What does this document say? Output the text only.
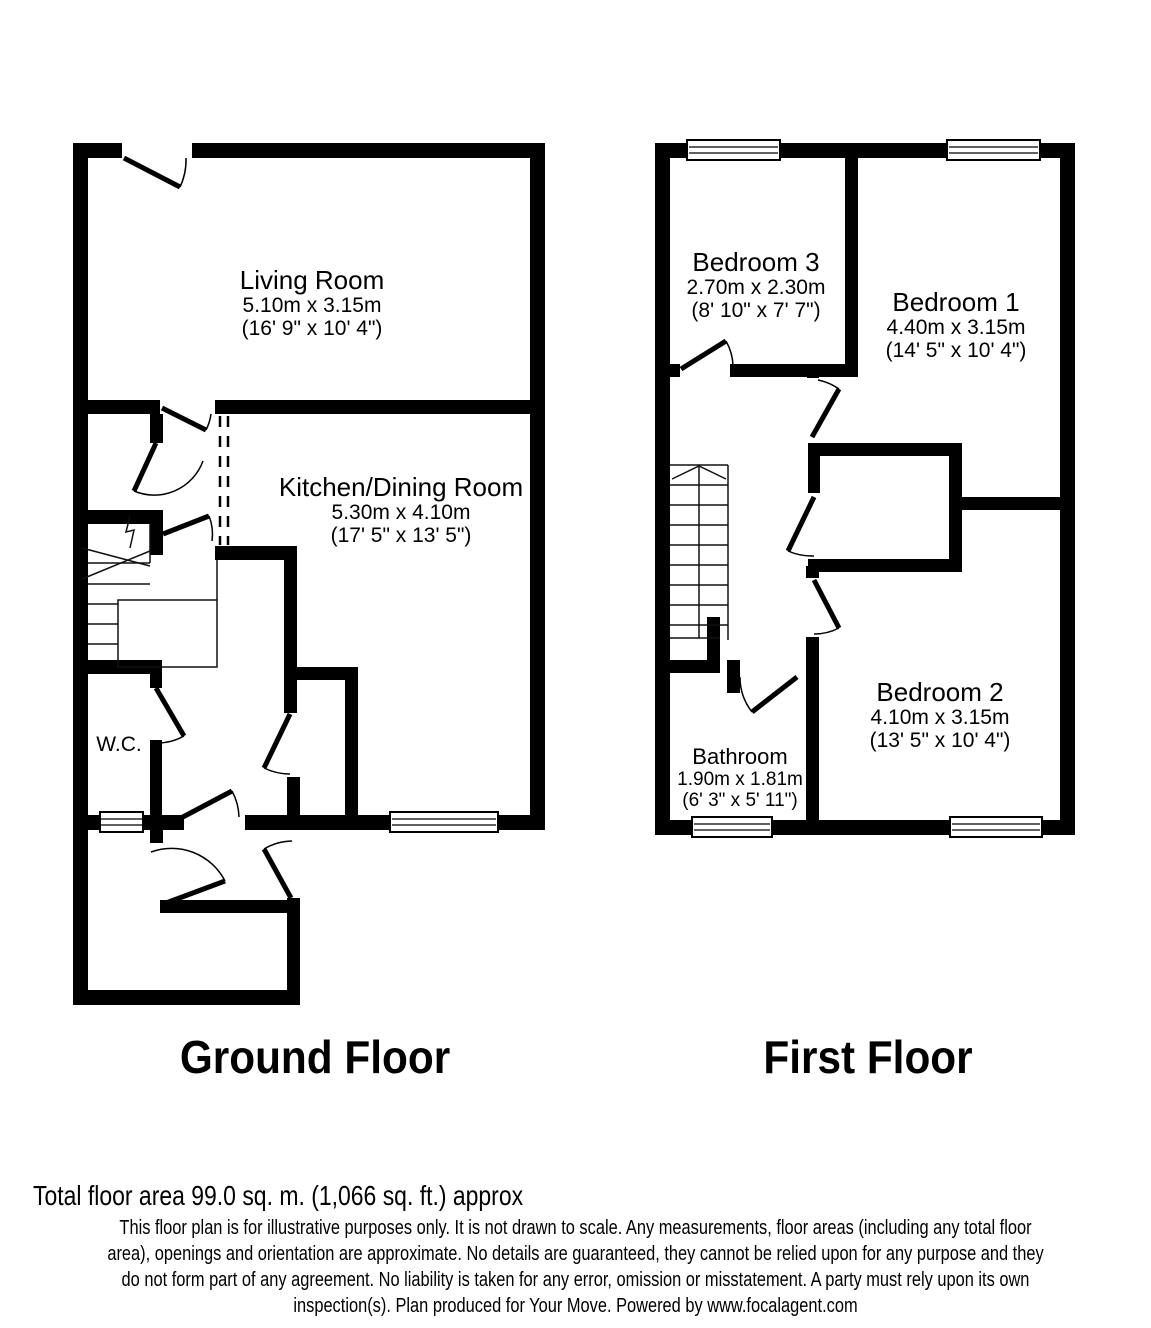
Living Room
5.10m x 3.15m
(16' 9" x 10' 4")
Kitchen/Dining Room
5.30m x 4.10m
(17' 5" x 13' 5")
W.C.
Bedroom 3
2.70m x 2.30m
(8' 10" x 7' 7")	Bedroom 1
4.40m x 3.15m
(14' 5" x 10' 4")
Bedroom 2
4.10m x 3.15m
(13' 5" x 10' 4")
Bathroom
1.90m x 1.81m
(6' 3" x 5' 11")
Ground Floor	First Floor
Total floor area 99.0 sq. m. (1,066 sq. ft.) approx
This floor plan is for illustrative purposes only. It is not drawn to scale. Any measurements, floor areas (including any total floor
area), openings and orientation are approximate. No details are guaranteed, they cannot be relied upon for any purpose and they
do not form part of any agreement. No liability is taken for any error, omission or misstatement. A party must rely upon its own
inspection(s). Plan produced for Your Move. Powered by www.focalagent.com
